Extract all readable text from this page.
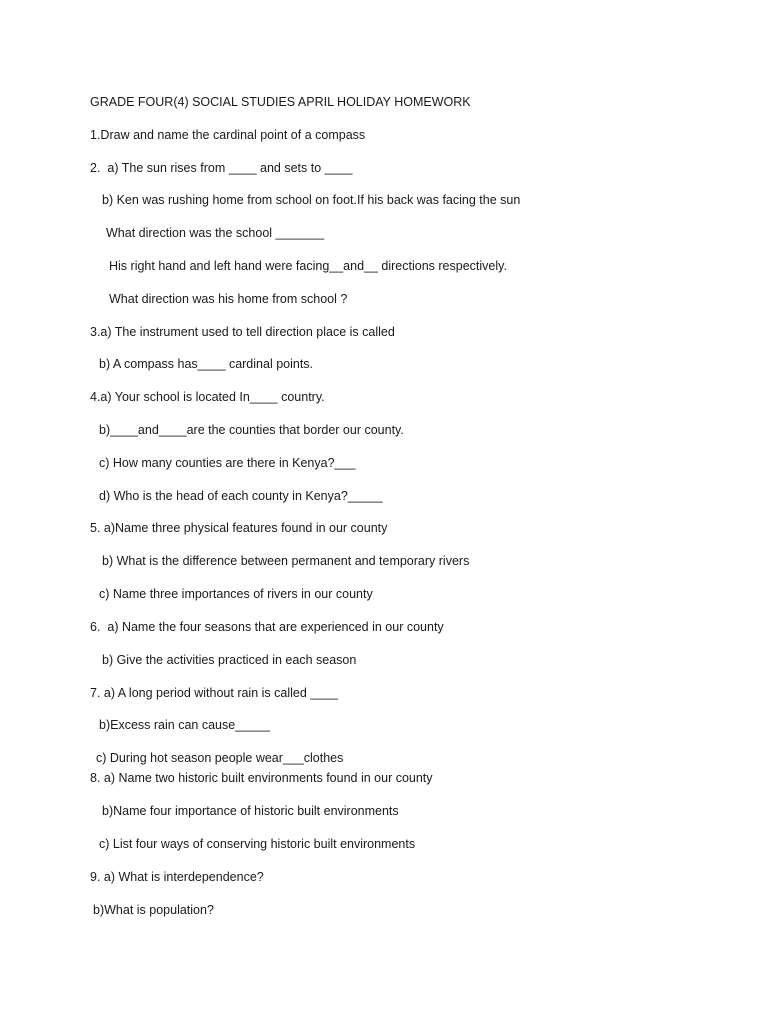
GRADE FOUR(4) SOCIAL STUDIES APRIL HOLIDAY HOMEWORK
1.Draw and name the cardinal point of a compass
2.  a) The sun rises from ____ and sets to ____
b) Ken was rushing home from school on foot.If his back was facing the sun
What direction was the school _______
His right hand and left hand were facing__and__ directions respectively.
What direction was his home from school ?
3.a) The instrument used to tell direction place is called
b) A compass has____ cardinal points.
4.a) Your school is located In____ country.
b)____and____are the counties that border our county.
c) How many counties are there in Kenya?___
d) Who is the head of each county in Kenya?_____
5. a)Name three physical features found in our county
b) What is the difference between permanent and temporary rivers
c) Name three importances of rivers in our county
6.  a) Name the four seasons that are experienced in our county
b) Give the activities practiced in each season
7. a) A long period without rain is called ____
b)Excess rain can cause_____
c) During hot season people wear___clothes
8. a) Name two historic built environments found in our county
b)Name four importance of historic built environments
c) List four ways of conserving historic built environments
9. a) What is interdependence?
b)What is population?
